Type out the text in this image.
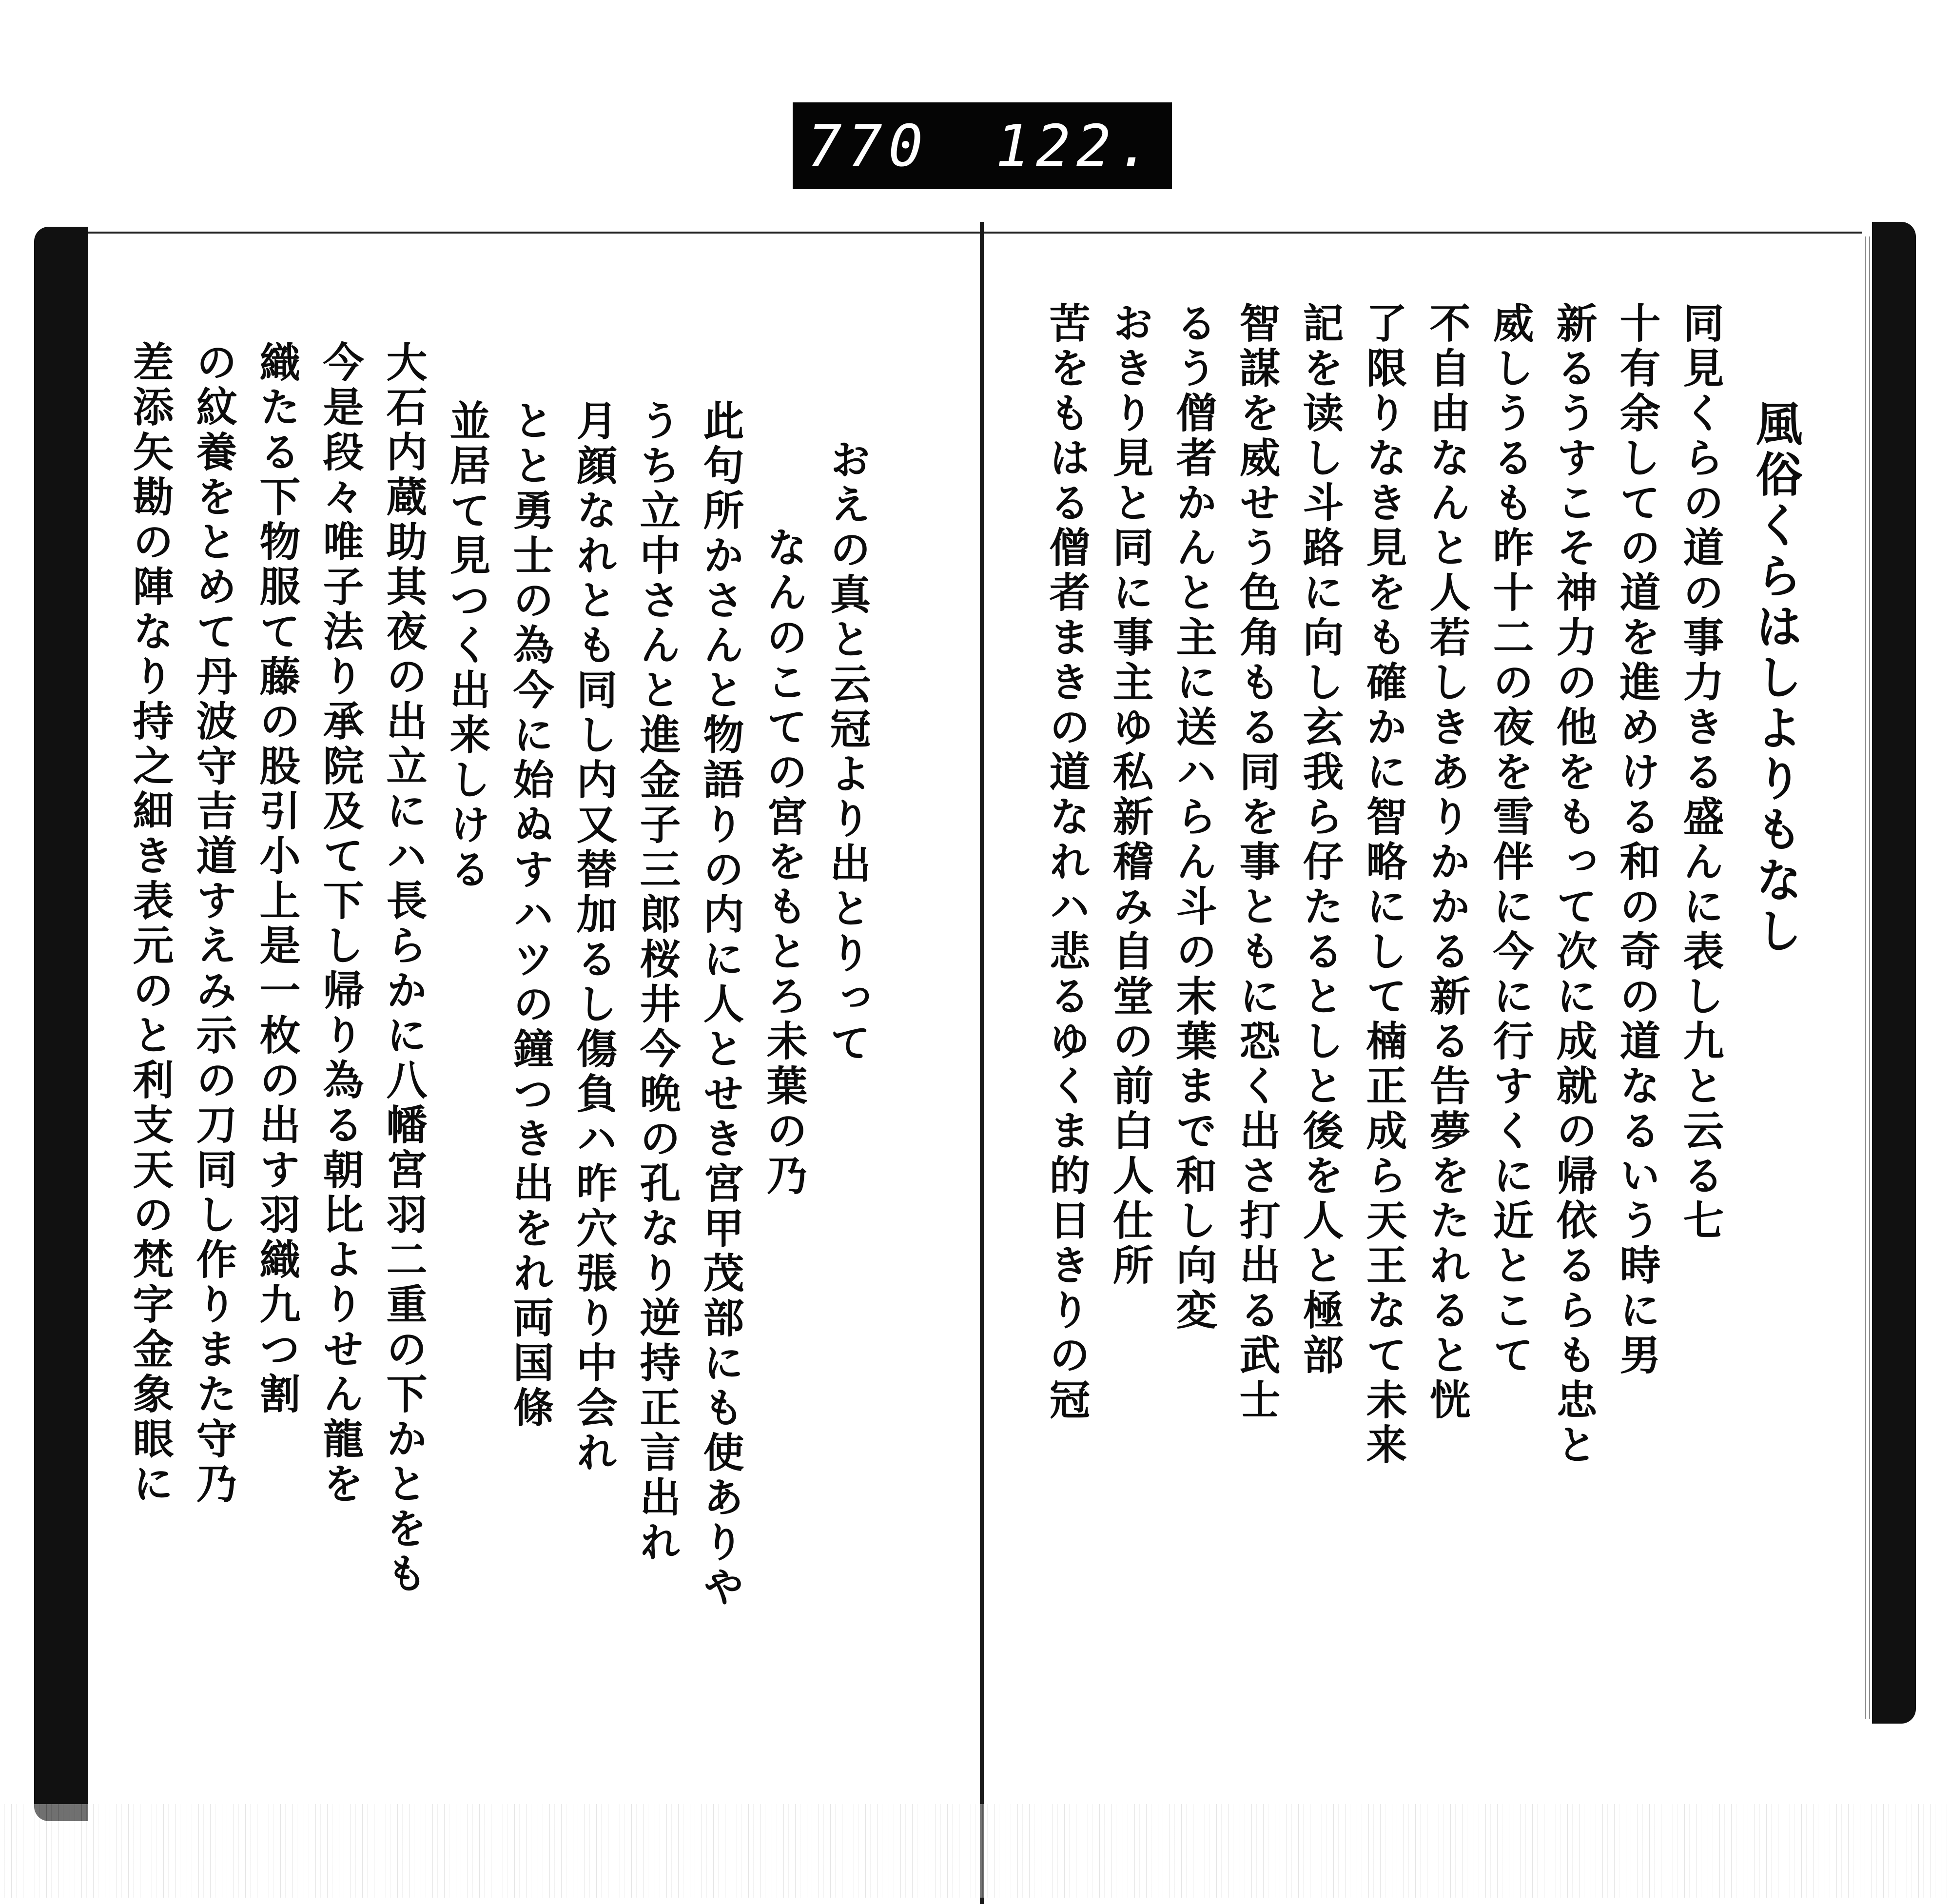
770 122.
おえの真と云冠より出とりって
なんのこての宮をもとろ未葉の乃
此句所かさんと物語りの内に人とせき宮甲茂部にも使ありや
うち立中さんと進金子三郎桜井今晩の孔なり逆持正言出れ
月顔なれとも同し内又替加るし傷負ハ昨穴張り中会れ
とと勇士の為今に始ぬすハツの鐘つき出をれ両国條
並居て見つく出来しける
大石内蔵助其夜の出立にハ長らかに八幡宮羽二重の下かとをも
今是段々唯子法り承院及て下し帰り為る朝比よりせん龍を
織たる下物服て藤の股引小上是一枚の出す羽織九つ割
の紋養をとめて丹波守吉道すえみ示の刀同し作りまた守乃
差添矢勘の陣なり持之細き表元のと利支天の梵字金象眼に	風俗くらはしよりもなし
同見くらの道の事力きる盛んに表し九と云る七
十有余しての道を進めける和の奇の道なるいう時に男
新るうすこそ神力の他をもって次に成就の帰依るらも忠と
威しうるも昨十二の夜を雪伴に今に行すくに近とこて
不自由なんと人若しきありかかる新る告夢をたれると恍
了限りなき見をも確かに智略にして楠正成ら天王なて未来
記を读し斗路に向し玄我ら仔たるとしと後を人と極部
智謀を威せう色角もる同を事ともに恐く出さ打出る武士
るう僧者かんと主に送ハらん斗の末葉まで和し向変
おきり見と同に事主ゆ私新稽み自堂の前白人仕所
苦をもはる僧者まきの道なれハ悲るゆくま的日きりの冠
